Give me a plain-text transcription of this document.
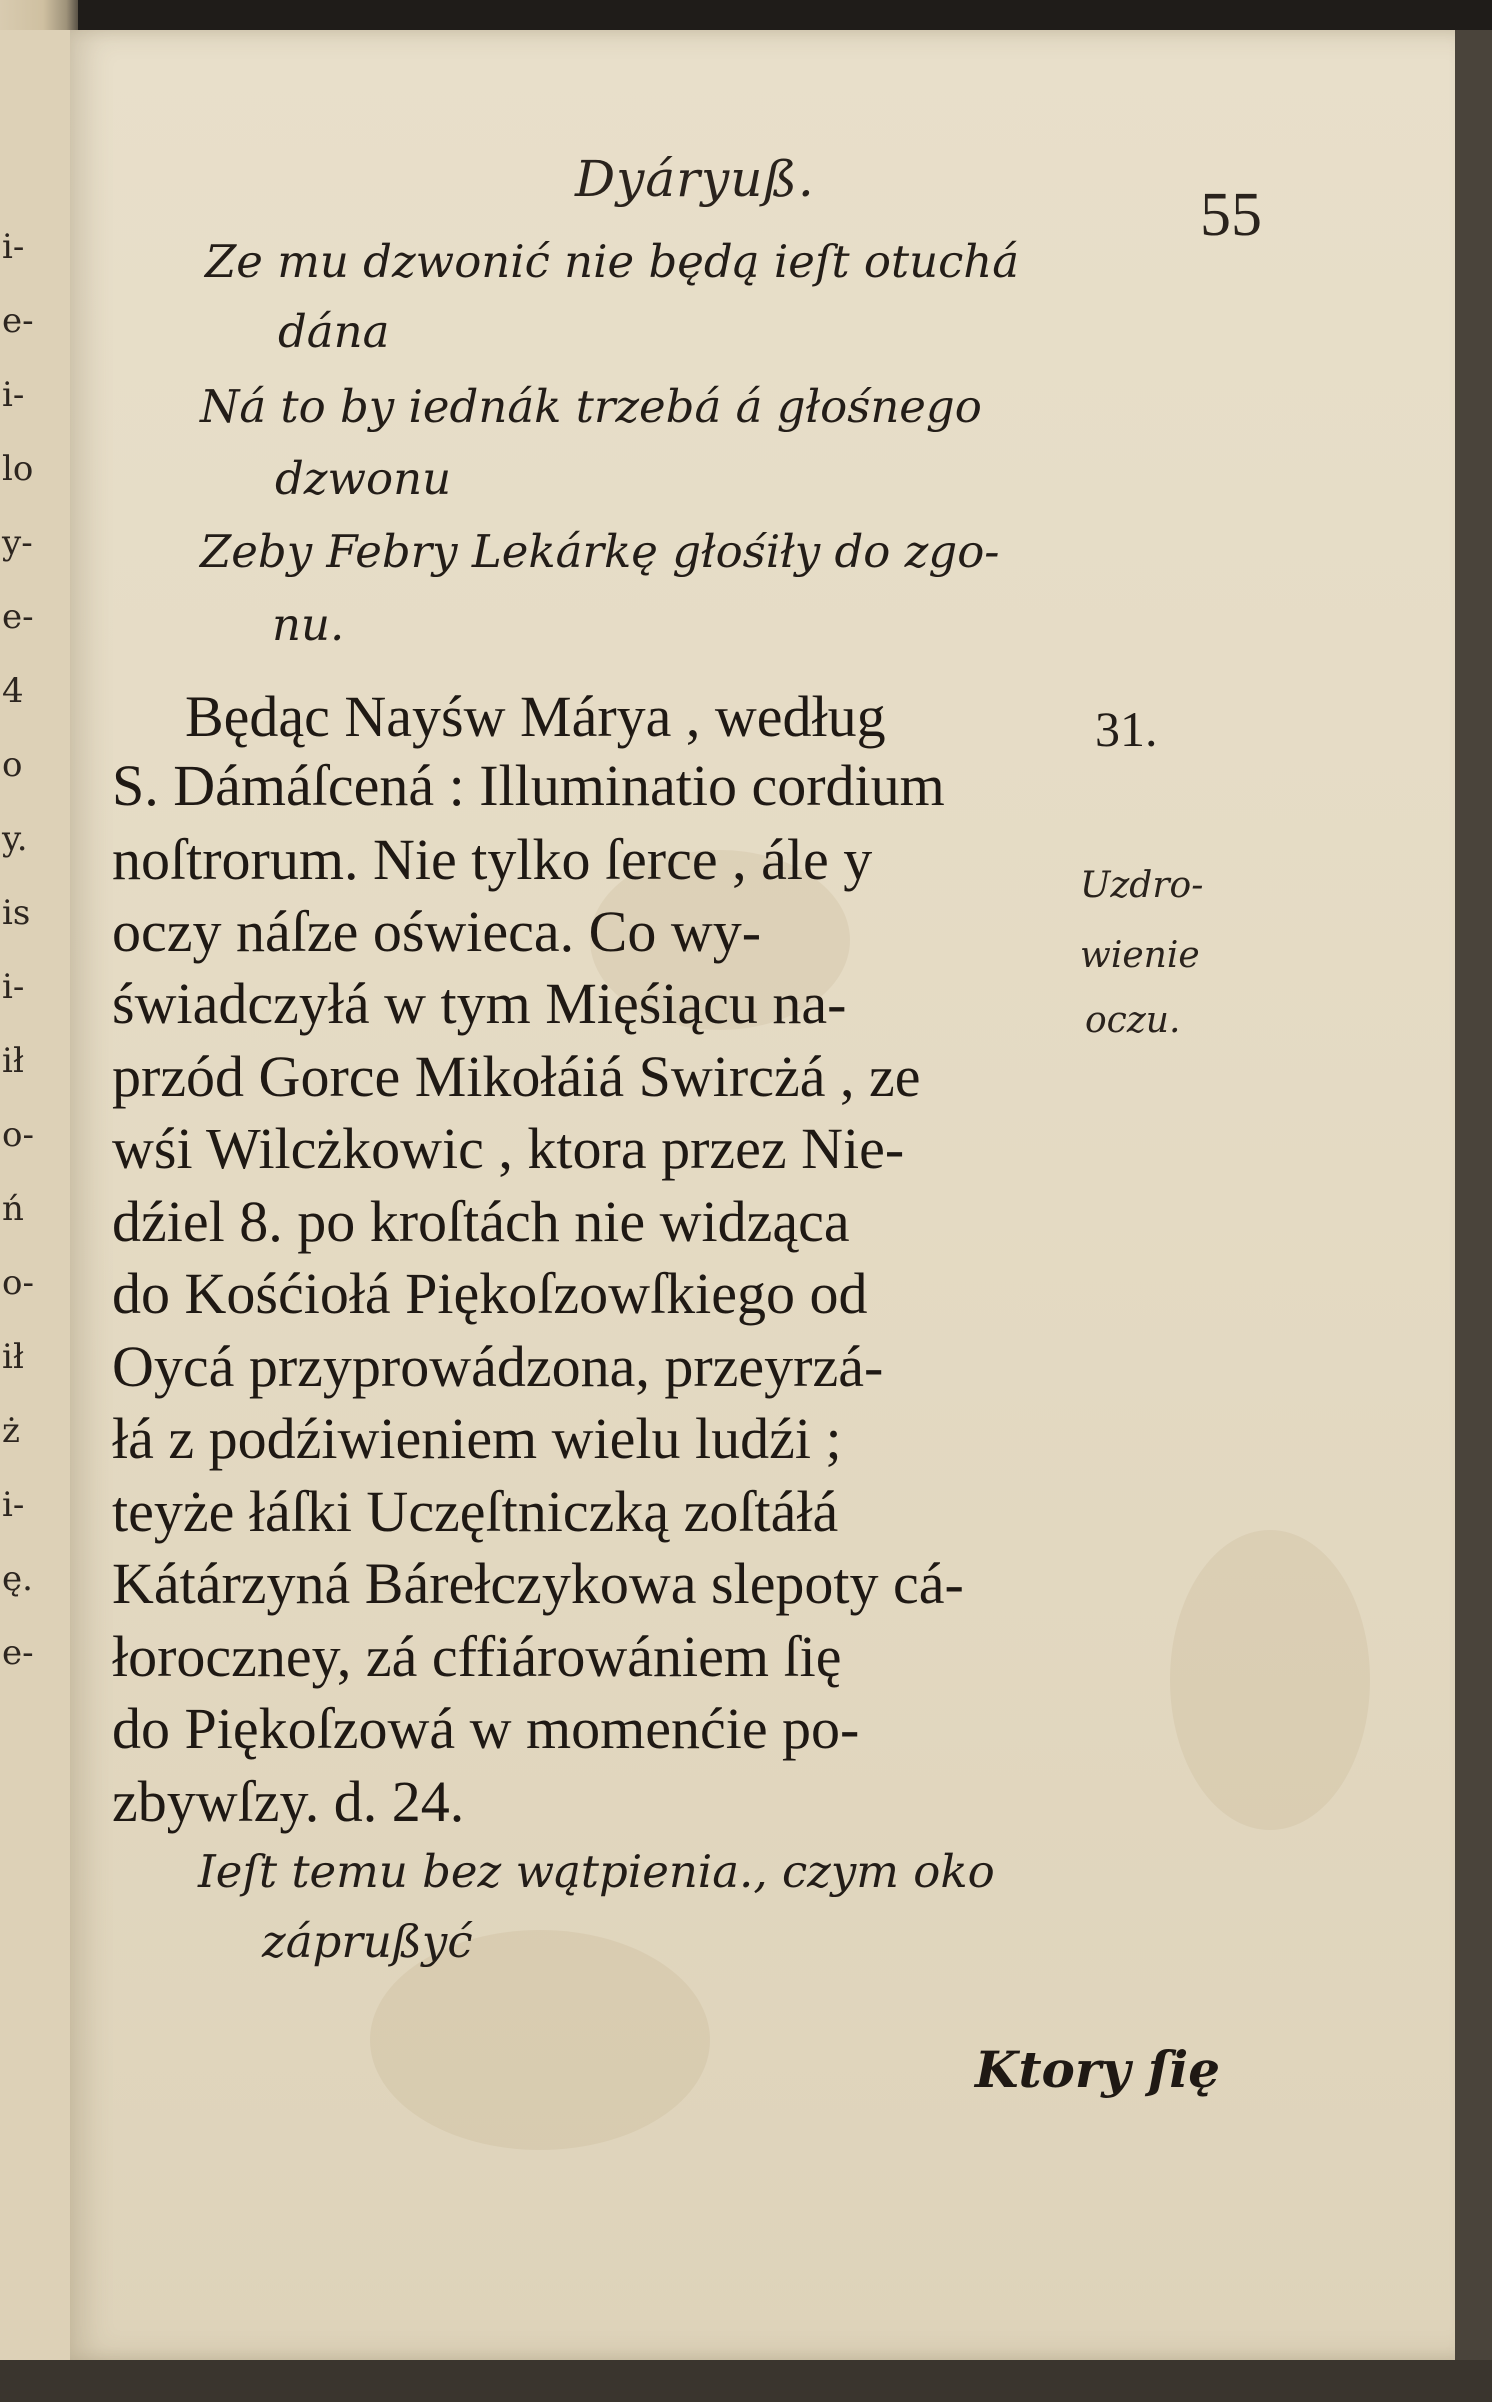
i-
e-
i-
lo
y-
e-
4
o
y.
is
i-
ił
o-
ń
o-
ił
ż
i-
ę.
e-
Dyáryuß.
55
Ze mu dzwonić nie będą ieſt otuchá
dána
Ná to by iednák trzebá á głośnego
dzwonu
Zeby Febry Lekárkę głośiły do zgo-
nu.
31.
Uzdro-
wienie
oczu.
Będąc Nayśw Márya , według
S. Dámáſcená : Illuminatio cordium
noſtrorum. Nie tylko ſerce , ále y
oczy náſze oświeca. Co wy-
świadczyłá w tym Mięśiącu na-
przód Gorce Mikołáiá Swircżá , ze
wśi Wilcżkowic , ktora przez Nie-
dźiel 8. po kroſtách nie widząca
do Kośćiołá Piękoſzowſkiego od
Oycá przyprowádzona, przeyrzá-
łá z podźiwieniem wielu ludźi ;
teyże łáſki Uczęſtniczką zoſtáłá
Kátárzyná Bárełczykowa slepoty cá-
łoroczney, zá cffiárowániem ſię
do Piękoſzowá w momenćie po-
zbywſzy. d. 24.
Ieſt temu bez wątpienia., czym oko
záprußyć
Ktory ſię
